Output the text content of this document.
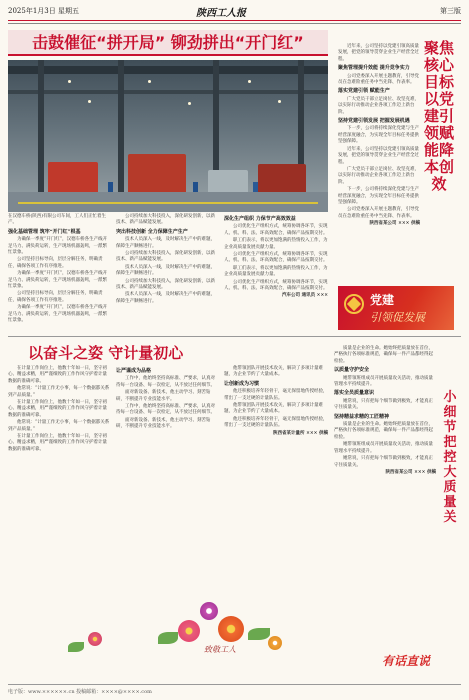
2025年1月3日 星期五	陕西工人报	第三版
击鼓催征“拼开局” 铆劲拼出“开门红”	近年来，公司坚持以党建引领高质量发展，把党的领导贯穿企业生产经营全过程。

聚焦管理提升效能 提升竞争实力

公司党委深入开展主题教育，引导党员在急难险重任务中当先锋、作表率。

落实党建引领 赋能生产

广大党员干部立足岗位、攻坚克难，以实际行动推动企业各项工作迈上新台阶。

坚持党建引领发展 把握发展机遇

下一步，公司将持续深化党建与生产经营深度融合，为实现全年目标任务提供坚强保障。

近年来，公司坚持以党建引领高质量发展，把党的领导贯穿企业生产经营全过程。

广大党员干部立足岗位、攻坚克难，以实际行动推动企业各项工作迈上新台阶。

下一步，公司将持续深化党建与生产经营深度融合，为实现全年目标任务提供坚强保障。

公司党委深入开展主题教育，引导党员在急难险重任务中当先锋、作表率。

陕西省某公司 ××× 供稿

聚焦核心目标 以党建引领赋能降本创效

在汉德车桥(陕西)有限公司车间，工人们正忙着生产。

强化基础管理 筑牢“开门红”根基

为确保一季度“开门红”，汉德车桥各生产线开足马力、满负荷运转，生产现场机器轰鸣，一派繁忙景象。

公司坚持目标导向，层层分解任务，明确责任，确保各项工作有序推进。

为确保一季度“开门红”，汉德车桥各生产线开足马力、满负荷运转，生产现场机器轰鸣，一派繁忙景象。

公司坚持目标导向，层层分解任务，明确责任，确保各项工作有序推进。

为确保一季度“开门红”，汉德车桥各生产线开足马力、满负荷运转，生产现场机器轰鸣，一派繁忙景象。

公司持续加大科技投入，深化研发创新，以新技术、新产品赋能发展。

突出科技创新 全力保障生产生产

技术人员深入一线，及时解决生产中的难题，保障生产顺畅进行。

公司持续加大科技投入，深化研发创新，以新技术、新产品赋能发展。

技术人员深入一线，及时解决生产中的难题，保障生产顺畅进行。

公司持续加大科技投入，深化研发创新，以新技术、新产品赋能发展。

技术人员深入一线，及时解决生产中的难题，保障生产顺畅进行。

深化生产组织 力保节产高效效益

公司优化生产组织方式，统筹协调各环节，实现人、机、料、法、环高效配合，确保产品按期交付。

职工们表示，将以更加饱满的热情投入工作，为企业高质量发展贡献力量。

公司优化生产组织方式，统筹协调各环节，实现人、机、料、法、环高效配合，确保产品按期交付。

职工们表示，将以更加饱满的热情投入工作，为企业高质量发展贡献力量。

公司优化生产组织方式，统筹协调各环节，实现人、机、料、法、环高效配合，确保产品按期交付。

汽车公司 通讯员 ×××	党建
引领促发展
以奋斗之姿 守计量初心
小细节把控大质量关

在计量工作岗位上，他数十年如一日，坚守初心、精益求精，用严谨细致的工作作风守护着计量数据的准确可靠。

他常说：“计量工作无小事，每一个数据都关系到产品质量。”

在计量工作岗位上，他数十年如一日，坚守初心、精益求精，用严谨细致的工作作风守护着计量数据的准确可靠。

他常说：“计量工作无小事，每一个数据都关系到产品质量。”

在计量工作岗位上，他数十年如一日，坚守初心、精益求精，用严谨细致的工作作风守护着计量数据的准确可靠。

让严谨成为品格

工作中，他始终坚持高标准、严要求，认真对待每一台设备、每一次检定，从不放过任何细节。

面对新设备、新技术，他主动学习、刻苦钻研，不断提升专业技能水平。

工作中，他始终坚持高标准、严要求，认真对待每一台设备、每一次检定，从不放过任何细节。

面对新设备、新技术，他主动学习、刻苦钻研，不断提升专业技能水平。

他带领团队开展技术攻关，解决了多项计量难题，为企业节约了大量成本。

让创新成为习惯

他还积极培养年轻骨干，毫无保留地传授经验，带出了一支过硬的计量队伍。

他带领团队开展技术攻关，解决了多项计量难题，为企业节约了大量成本。

他还积极培养年轻骨干，毫无保留地传授经验，带出了一支过硬的计量队伍。

陕西省某计量所 ××× 供稿

质量是企业的生命。她始终把质量放在首位，严格执行各项标准规范，确保每一件产品都经得起检验。

以质量守护安全

她带领班组成员开展质量攻关活动，推动质量管理水平持续提升。

落实全员质量意识

她常说，只有把每个细节做到极致，才能真正守住质量关。

坚持精益求精的工匠精神

质量是企业的生命。她始终把质量放在首位，严格执行各项标准规范，确保每一件产品都经得起检验。

她带领班组成员开展质量攻关活动，推动质量管理水平持续提升。

她常说，只有把每个细节做到极致，才能真正守住质量关。

陕西省某公司 ××× 供稿

致敬工人
有话直说
电子版：www.××××××.cn 投稿邮箱：××××@××××.com
